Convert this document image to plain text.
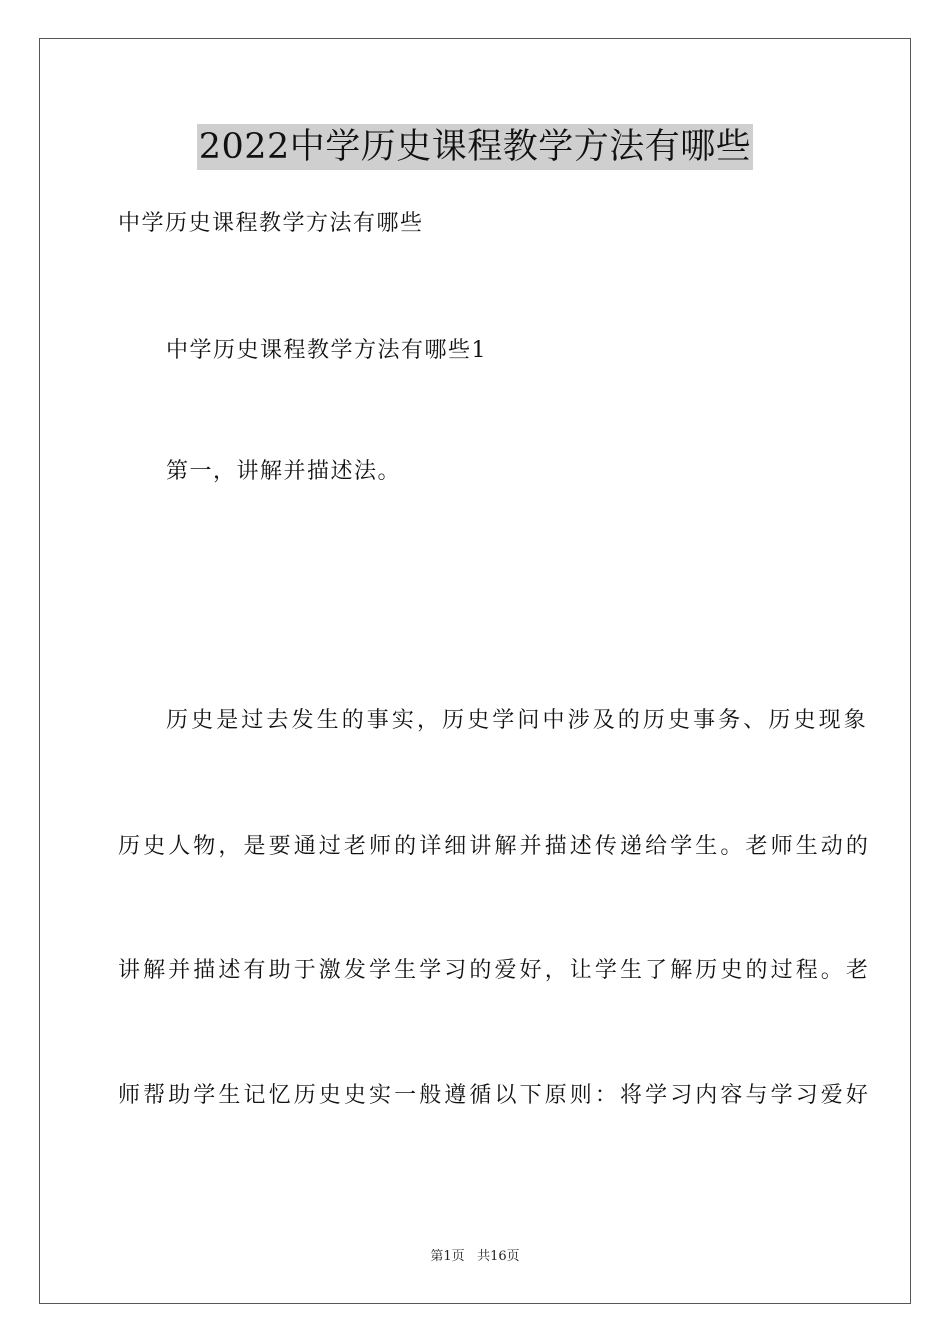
2022中学历史课程教学方法有哪些

中学历史课程教学方法有哪些

中学历史课程教学方法有哪些1

第一，讲解并描述法。

历史是过去发生的事实，历史学问中涉及的历史事务、历史现象

历史人物，是要通过老师的详细讲解并描述传递给学生。老师生动的

讲解并描述有助于激发学生学习的爱好，让学生了解历史的过程。老

师帮助学生记忆历史史实一般遵循以下原则：将学习内容与学习爱好

第1页 共16页
